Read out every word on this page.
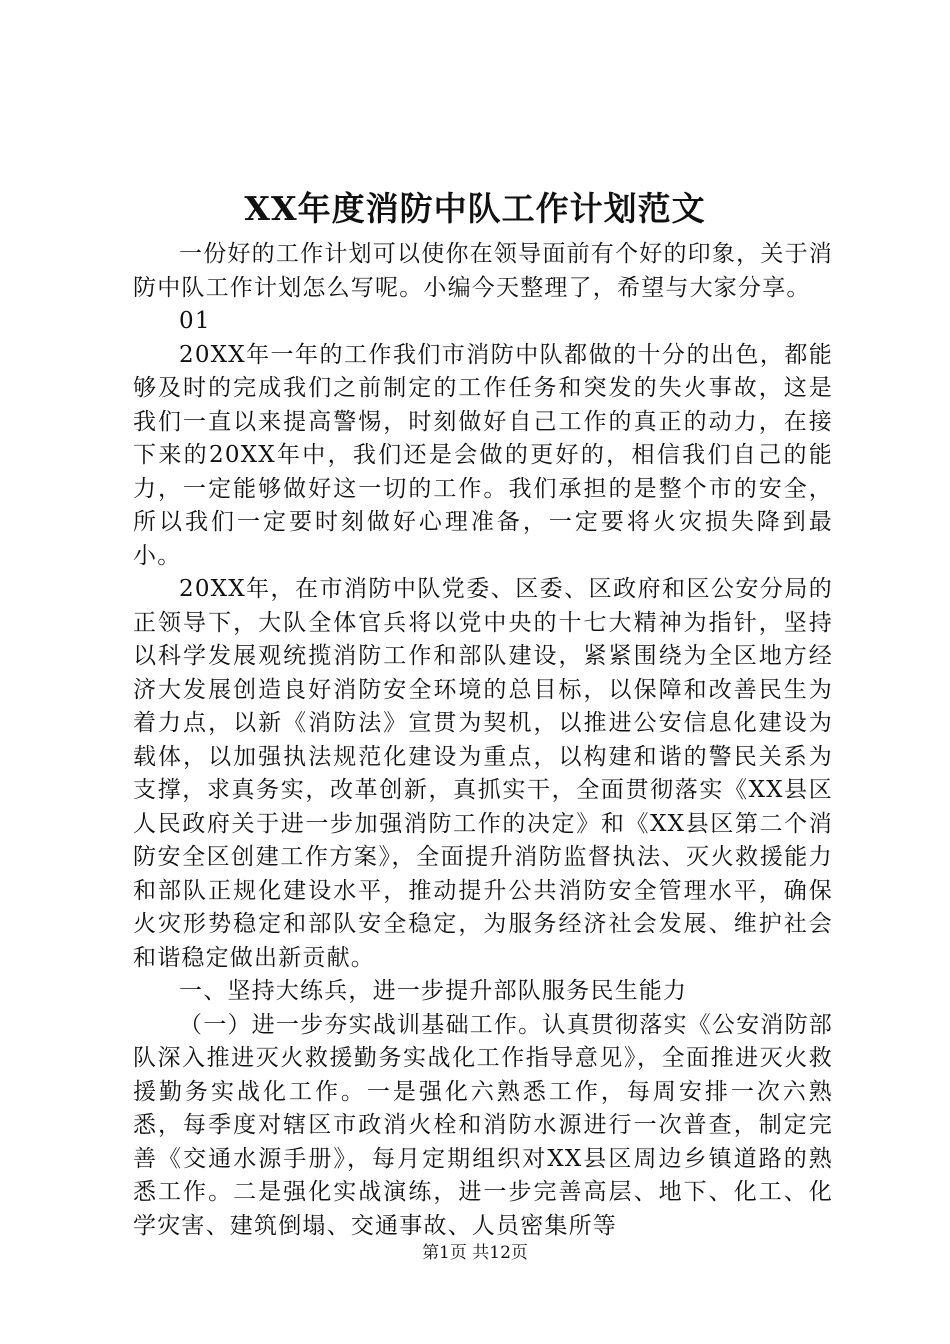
XX年度消防中队工作计划范文

一份好的工作计划可以使你在领导面前有个好的印象，关于消防中队工作计划怎么写呢。小编今天整理了，希望与大家分享。

01

20XX年一年的工作我们市消防中队都做的十分的出色，都能够及时的完成我们之前制定的工作任务和突发的失火事故，这是我们一直以来提高警惕，时刻做好自己工作的真正的动力，在接下来的20XX年中，我们还是会做的更好的，相信我们自己的能力，一定能够做好这一切的工作。我们承担的是整个市的安全，所以我们一定要时刻做好心理准备，一定要将火灾损失降到最小。

20XX年，在市消防中队党委、区委、区政府和区公安分局的正领导下，大队全体官兵将以党中央的十七大精神为指针，坚持以科学发展观统揽消防工作和部队建设，紧紧围绕为全区地方经济大发展创造良好消防安全环境的总目标，以保障和改善民生为着力点，以新《消防法》宣贯为契机，以推进公安信息化建设为载体，以加强执法规范化建设为重点，以构建和谐的警民关系为支撑，求真务实，改革创新，真抓实干，全面贯彻落实《XX县区人民政府关于进一步加强消防工作的决定》和《XX县区第二个消防安全区创建工作方案》，全面提升消防监督执法、灭火救援能力和部队正规化建设水平，推动提升公共消防安全管理水平，确保火灾形势稳定和部队安全稳定，为服务经济社会发展、维护社会和谐稳定做出新贡献。

一、坚持大练兵，进一步提升部队服务民生能力

（一）进一步夯实战训基础工作。认真贯彻落实《公安消防部队深入推进灭火救援勤务实战化工作指导意见》，全面推进灭火救援勤务实战化工作。一是强化六熟悉工作，每周安排一次六熟悉，每季度对辖区市政消火栓和消防水源进行一次普查，制定完善《交通水源手册》，每月定期组织对XX县区周边乡镇道路的熟悉工作。二是强化实战演练，进一步完善高层、地下、化工、化学灾害、建筑倒塌、交通事故、人员密集所等

第1页 共12页
